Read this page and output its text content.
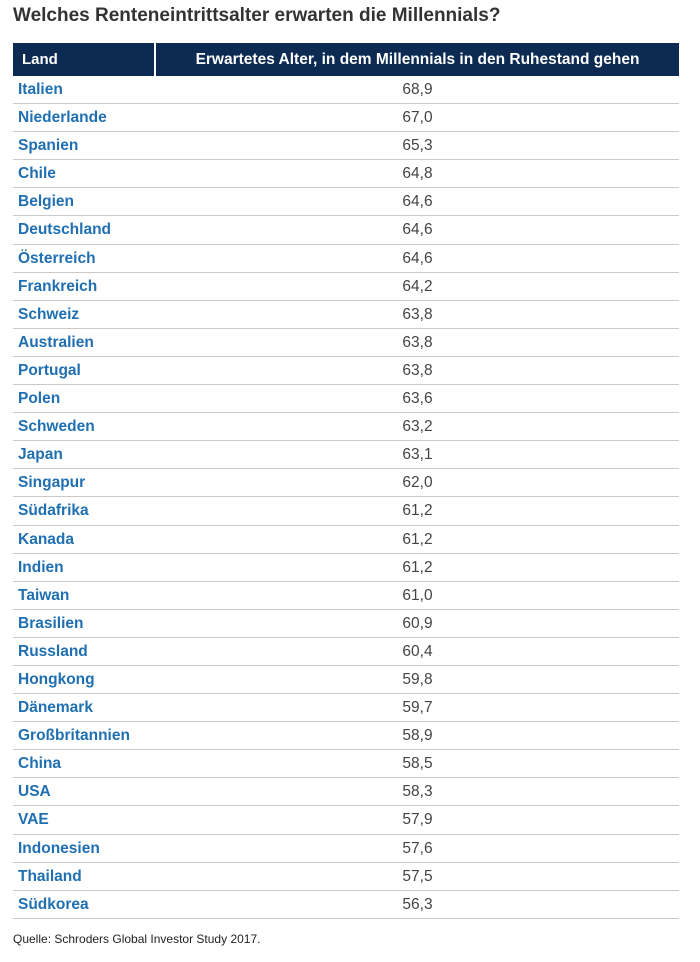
Welches Renteneintrittsalter erwarten die Millennials?
Land	Erwartetes Alter, in dem Millennials in den Ruhestand gehen
Italien	68,9
Niederlande	67,0
Spanien	65,3
Chile	64,8
Belgien	64,6
Deutschland	64,6
Österreich	64,6
Frankreich	64,2
Schweiz	63,8
Australien	63,8
Portugal	63,8
Polen	63,6
Schweden	63,2
Japan	63,1
Singapur	62,0
Südafrika	61,2
Kanada	61,2
Indien	61,2
Taiwan	61,0
Brasilien	60,9
Russland	60,4
Hongkong	59,8
Dänemark	59,7
Großbritannien	58,9
China	58,5
USA	58,3
VAE	57,9
Indonesien	57,6
Thailand	57,5
Südkorea	56,3
Quelle: Schroders Global Investor Study 2017.
